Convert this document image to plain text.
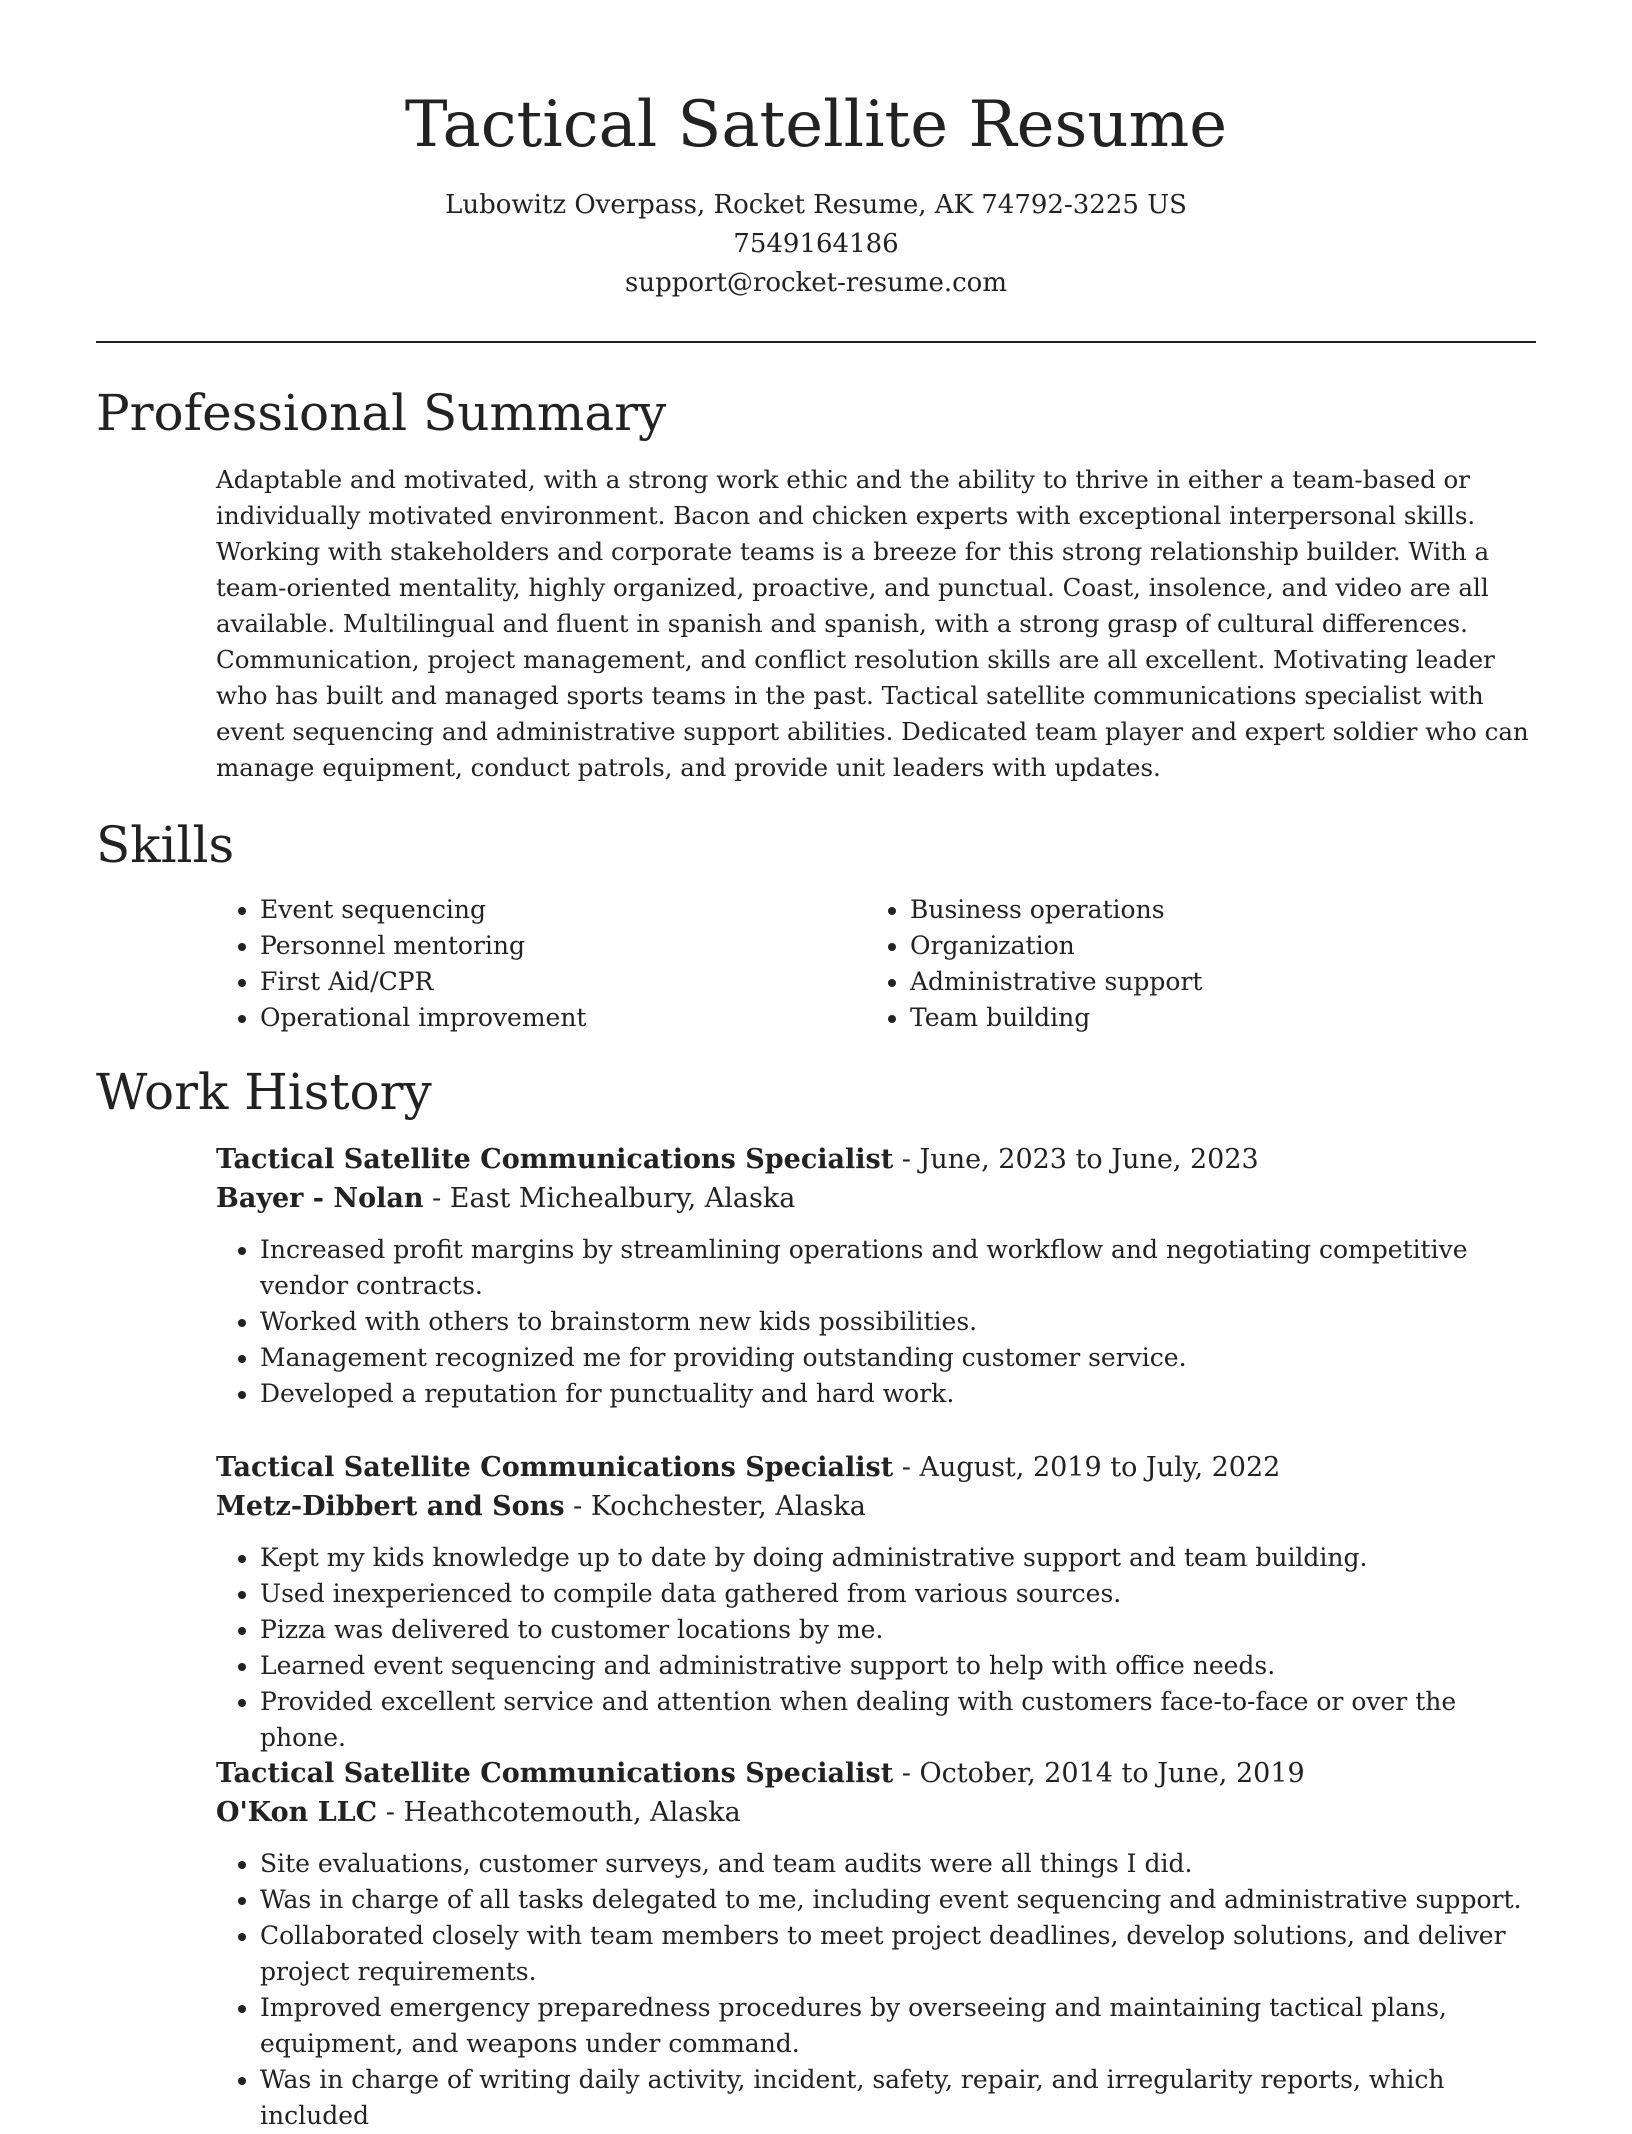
Tactical Satellite Resume

Lubowitz Overpass, Rocket Resume, AK 74792-3225 US

7549164186

support@rocket-resume.com

Professional Summary

Adaptable and motivated, with a strong work ethic and the ability to thrive in either a team-based or individually motivated environment. Bacon and chicken experts with exceptional interpersonal skills. Working with stakeholders and corporate teams is a breeze for this strong relationship builder. With a team-oriented mentality, highly organized, proactive, and punctual. Coast, insolence, and video are all available. Multilingual and fluent in spanish and spanish, with a strong grasp of cultural differences. Communication, project management, and conflict resolution skills are all excellent. Motivating leader who has built and managed sports teams in the past. Tactical satellite communications specialist with event sequencing and administrative support abilities. Dedicated team player and expert soldier who can manage equipment, conduct patrols, and provide unit leaders with updates.

Skills
• Event sequencing
• Personnel mentoring
• First Aid/CPR
• Operational improvement
• Business operations
• Organization
• Administrative support
• Team building
Work History

Tactical Satellite Communications Specialist - June, 2023 to June, 2023

Bayer - Nolan - East Michealbury, Alaska

• Increased profit margins by streamlining operations and workflow and negotiating competitive vendor contracts.
• Worked with others to brainstorm new kids possibilities.
• Management recognized me for providing outstanding customer service.
• Developed a reputation for punctuality and hard work.

Tactical Satellite Communications Specialist - August, 2019 to July, 2022

Metz-Dibbert and Sons - Kochchester, Alaska

• Kept my kids knowledge up to date by doing administrative support and team building.
• Used inexperienced to compile data gathered from various sources.
• Pizza was delivered to customer locations by me.
• Learned event sequencing and administrative support to help with office needs.
• Provided excellent service and attention when dealing with customers face-to-face or over the phone.

Tactical Satellite Communications Specialist - October, 2014 to June, 2019

O'Kon LLC - Heathcotemouth, Alaska

• Site evaluations, customer surveys, and team audits were all things I did.
• Was in charge of all tasks delegated to me, including event sequencing and administrative support.
• Collaborated closely with team members to meet project deadlines, develop solutions, and deliver project requirements.
• Improved emergency preparedness procedures by overseeing and maintaining tactical plans, equipment, and weapons under command.
• Was in charge of writing daily activity, incident, safety, repair, and irregularity reports, which included
